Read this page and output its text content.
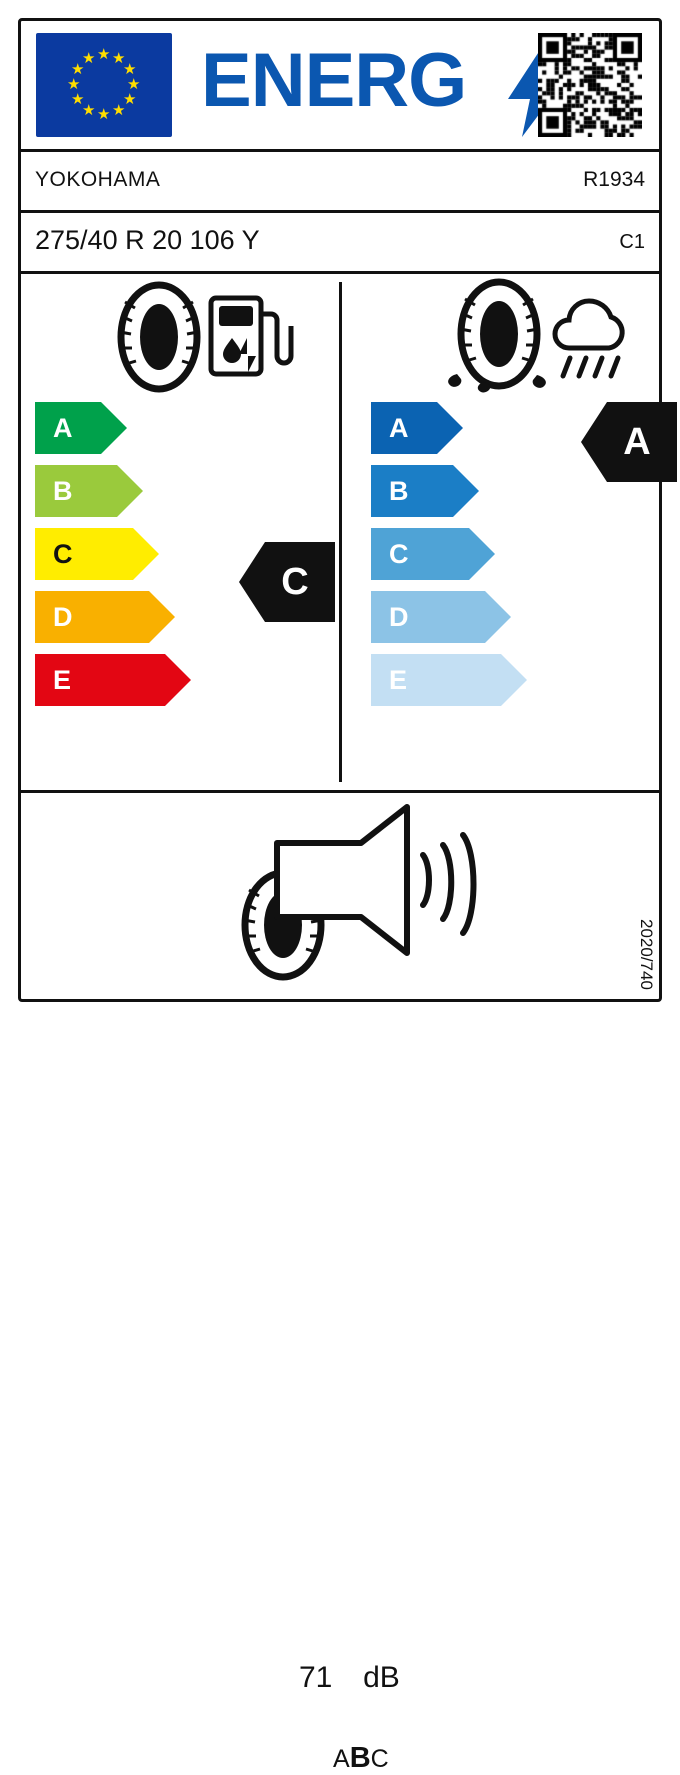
★ ★
★
★
★
★
★
★
★
★
★
★ ENERG
YOKOHAMA	R1934
275/40 R 20 106 Y	C1
A
B
C
D
E
A
B
C
D
E
C
A
71 dB
ABC
2020/740
